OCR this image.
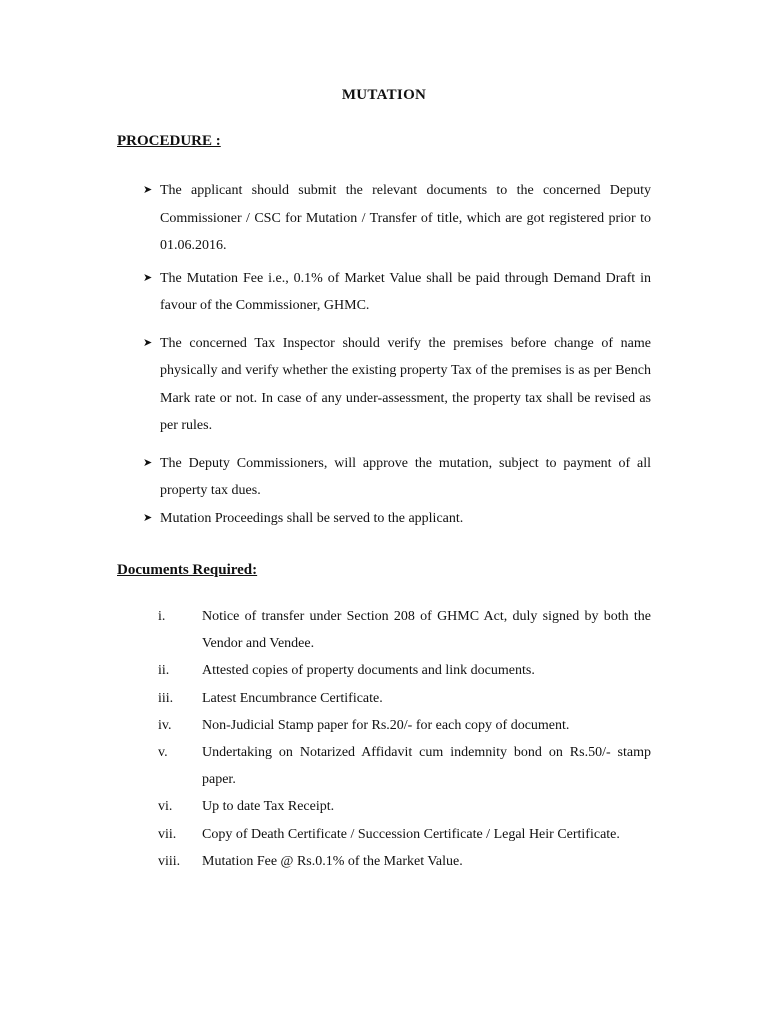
MUTATION
PROCEDURE :
➤ The applicant should submit the relevant documents to the concerned Deputy Commissioner / CSC for Mutation / Transfer of title, which are got registered prior to 01.06.2016.
➤ The Mutation Fee i.e., 0.1% of Market Value shall be paid through Demand Draft in favour of the Commissioner, GHMC.
➤ The concerned Tax Inspector should verify the premises before change of name physically and verify whether the existing property Tax of the premises is as per Bench Mark rate or not. In case of any under-assessment, the property tax shall be revised as per rules.
➤ The Deputy Commissioners, will approve the mutation, subject to payment of all property tax dues.
➤ Mutation Proceedings shall be served to the applicant.
Documents Required:
i.	Notice of transfer under Section 208 of GHMC Act, duly signed by both the Vendor and Vendee.
ii. Attested copies of property documents and link documents.
iii. Latest Encumbrance Certificate.
iv. Non-Judicial Stamp paper for Rs.20/- for each copy of document.
v. Undertaking on Notarized Affidavit cum indemnity bond on Rs.50/- stamp paper.
vi. Up to date Tax Receipt.
vii. Copy of Death Certificate / Succession Certificate / Legal Heir Certificate.
viii. Mutation Fee @ Rs.0.1% of the Market Value.
